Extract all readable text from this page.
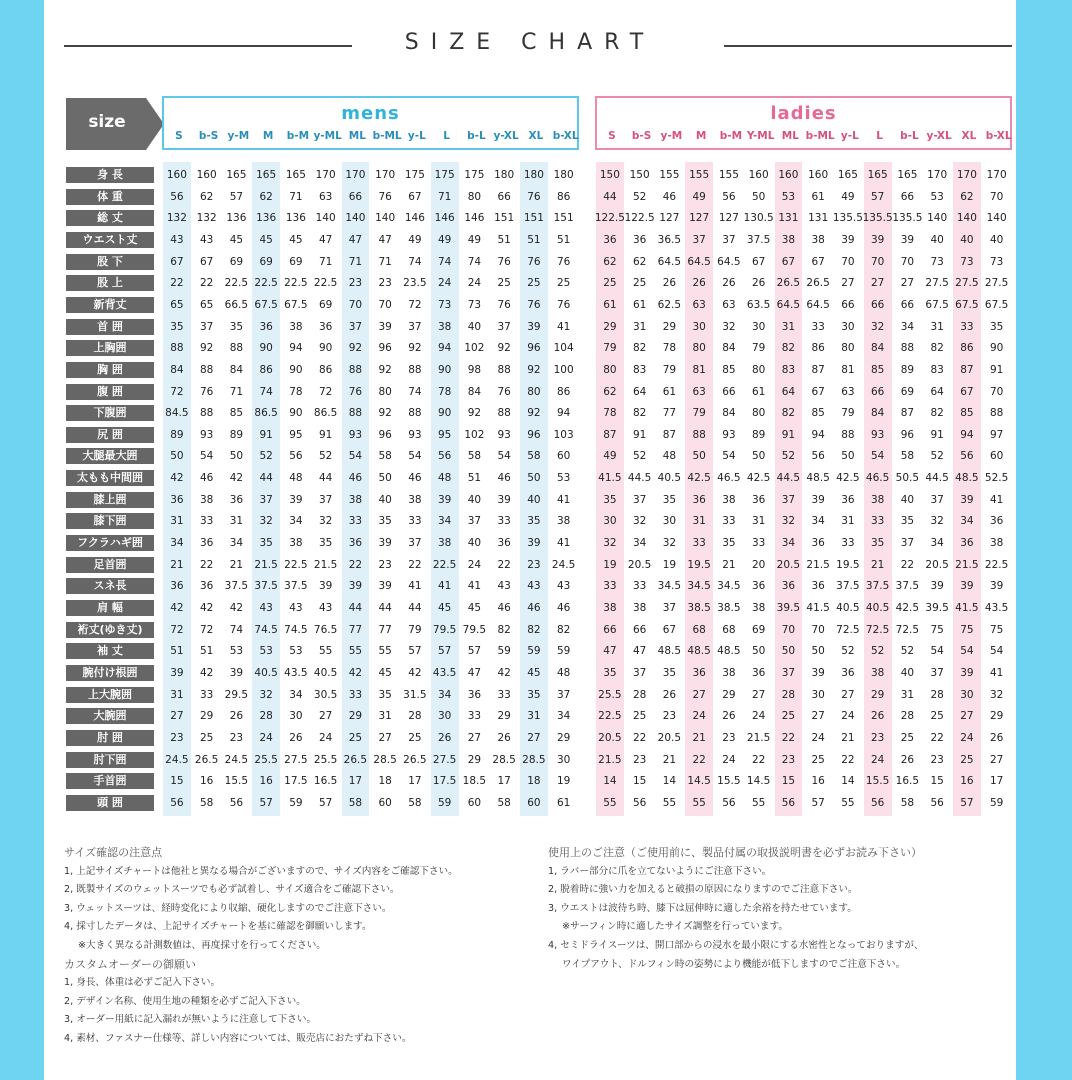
SIZE CHART
size	mens
S	b-S y-M	M	b-M y-ML ML b-ML y-L	L	b-L y-XL XL b-XL
ladies
S	b-S y-M	M	b-M Y-ML ML b-ML y-L	L	b-L y-XL XL b-XL
身 長	160 160 165 165 165 170 170 170 175 175 175 180 180 180	150 150 155 155 155 160 160 160 165 165 165 170 170 170
体 重	56	62	57	62	71	63	66	76	67	71	80	66	76	86	44	52	46	49	56	50	53	61	49	57	66	53	62	70
総 丈	132 132 136 136 136 140 140 140 146 146 146 151 151 151	122.5 122.5 127 127 127 130.5 131 131 135.5 135.5 135.5 140 140 140
ウエスト丈	43	43	45	45	45	47	47	47	49	49	49	51	51	51	36	36	36.5	37	37	37.5	38	38	39	39	39	40	40	40
股 下	67	67	69	69	69	71	71	71	74	74	74	76	76	76	62	62	64.5 64.5 64.5	67	67	67	70	70	70	73	73	73
股 上	22	22	22.5 22.5 22.5 22.5	23	23	23.5	24	24	25	25	25	25	25	26	26	26	26	26.5 26.5	27	27	27	27.5 27.5 27.5
新背丈	65	65	66.5 67.5 67.5	69	70	70	72	73	73	76	76	76	61	61	62.5	63	63	63.5 64.5 64.5	66	66	66	67.5 67.5 67.5
首 囲	35	37	35	36	38	36	37	39	37	38	40	37	39	41	29	31	29	30	32	30	31	33	30	32	34	31	33	35
上胸囲	88	92	88	90	94	90	92	96	92	94	102	92	96	104	79	82	78	80	84	79	82	86	80	84	88	82	86	90
胸 囲	84	88	84	86	90	86	88	92	88	90	98	88	92	100	80	83	79	81	85	80	83	87	81	85	89	83	87	91
腹 囲	72	76	71	74	78	72	76	80	74	78	84	76	80	86	62	64	61	63	66	61	64	67	63	66	69	64	67	70
下腹囲	84.5	88	85	86.5	90	86.5	88	92	88	90	92	88	92	94	78	82	77	79	84	80	82	85	79	84	87	82	85	88
尻 囲	89	93	89	91	95	91	93	96	93	95	102	93	96	103	87	91	87	88	93	89	91	94	88	93	96	91	94	97
大腿最大囲	50	54	50	52	56	52	54	58	54	56	58	54	58	60	49	52	48	50	54	50	52	56	50	54	58	52	56	60
太もも中間囲	42	46	42	44	48	44	46	50	46	48	51	46	50	53	41.5 44.5 40.5 42.5 46.5 42.5 44.5 48.5 42.5 46.5 50.5 44.5 48.5 52.5
膝上囲	36	38	36	37	39	37	38	40	38	39	40	39	40	41	35	37	35	36	38	36	37	39	36	38	40	37	39	41
膝下囲	31	33	31	32	34	32	33	35	33	34	37	33	35	38	30	32	30	31	33	31	32	34	31	33	35	32	34	36
フクラハギ囲	34	36	34	35	38	35	36	39	37	38	40	36	39	41	32	34	32	33	35	33	34	36	33	35	37	34	36	38
足首囲	21	22	21	21.5 22.5 21.5	22	23	22	22.5	24	22	23	24.5	19	20.5	19	19.5	21	20	20.5 21.5 19.5	21	22	20.5 21.5 22.5
スネ長	36	36	37.5 37.5 37.5	39	39	39	41	41	41	43	43	43	33	33	34.5 34.5 34.5	36	36	36	37.5 37.5 37.5	39	39	39
肩 幅	42	42	42	43	43	43	44	44	44	45	45	46	46	46	38	38	37	38.5 38.5	38	39.5 41.5 40.5 40.5 42.5 39.5 41.5 43.5
裄丈(ゆき丈)	72	72	74	74.5 74.5 76.5	77	77	79	79.5 79.5	82	82	82	66	66	67	68	68	69	70	70	72.5 72.5 72.5	75	75	75
袖 丈	51	51	53	53	53	55	55	55	57	57	57	59	59	59	47	47	48.5 48.5 48.5	50	50	50	52	52	52	54	54	54
腕付け根囲	39	42	39	40.5 43.5 40.5	42	45	42	43.5	47	42	45	48	35	37	35	36	38	36	37	39	36	38	40	37	39	41
上大腕囲	31	33	29.5	32	34	30.5	33	35	31.5	34	36	33	35	37	25.5	28	26	27	29	27	28	30	27	29	31	28	30	32
大腕囲	27	29	26	28	30	27	29	31	28	30	33	29	31	34	22.5	25	23	24	26	24	25	27	24	26	28	25	27	29
肘 囲	23	25	23	24	26	24	25	27	25	26	27	26	27	29	20.5	22	20.5	21	23	21.5	22	24	21	23	25	22	24	26
肘下囲	24.5 26.5 24.5 25.5 27.5 25.5 26.5 28.5 26.5 27.5	29	28.5 28.5	30	21.5	23	21	22	24	22	23	25	22	24	26	23	25	27
手首囲	15	16	15.5	16	17.5 16.5	17	18	17	17.5 18.5	17	18	19	14	15	14	14.5 15.5 14.5	15	16	14	15.5 16.5	15	16	17
頭 囲	56	58	56	57	59	57	58	60	58	59	60	58	60	61	55	56	55	55	56	55	56	57	55	56	58	56	57	59
サイズ確認の注意点
1, 上記サイズチャートは他社と異なる場合がございますので、サイズ内容をご確認下さい。
2, 既製サイズのウェットスーツでも必ず試着し、サイズ適合をご確認下さい。
3, ウェットスーツは、経時変化により収縮、硬化しますのでご注意下さい。
4, 採寸したデータは、上記サイズチャートを基に確認を御願いします。
※大きく異なる計測数値は、再度採寸を行ってください。
カスタムオーダーの御願い
1, 身長、体重は必ずご記入下さい。
2, デザイン名称、使用生地の種類を必ずご記入下さい。
3, オーダー用紙に記入漏れが無いように注意して下さい。
4, 素材、ファスナー仕様等、詳しい内容については、販売店におたずね下さい。
使用上のご注意（ご使用前に、製品付属の取扱説明書を必ずお読み下さい）
1, ラバー部分に爪を立てないようにご注意下さい。
2, 脱着時に強い力を加えると破損の原因になりますのでご注意下さい。
3, ウエストは波待ち時、膝下は屈伸時に適した余裕を持たせています。
※サーフィン時に適したサイズ調整を行っています。
4, セミドライスーツは、開口部からの浸水を最小限にする水密性となっておりますが、
ワイプアウト、ドルフィン時の姿勢により機能が低下しますのでご注意下さい。
